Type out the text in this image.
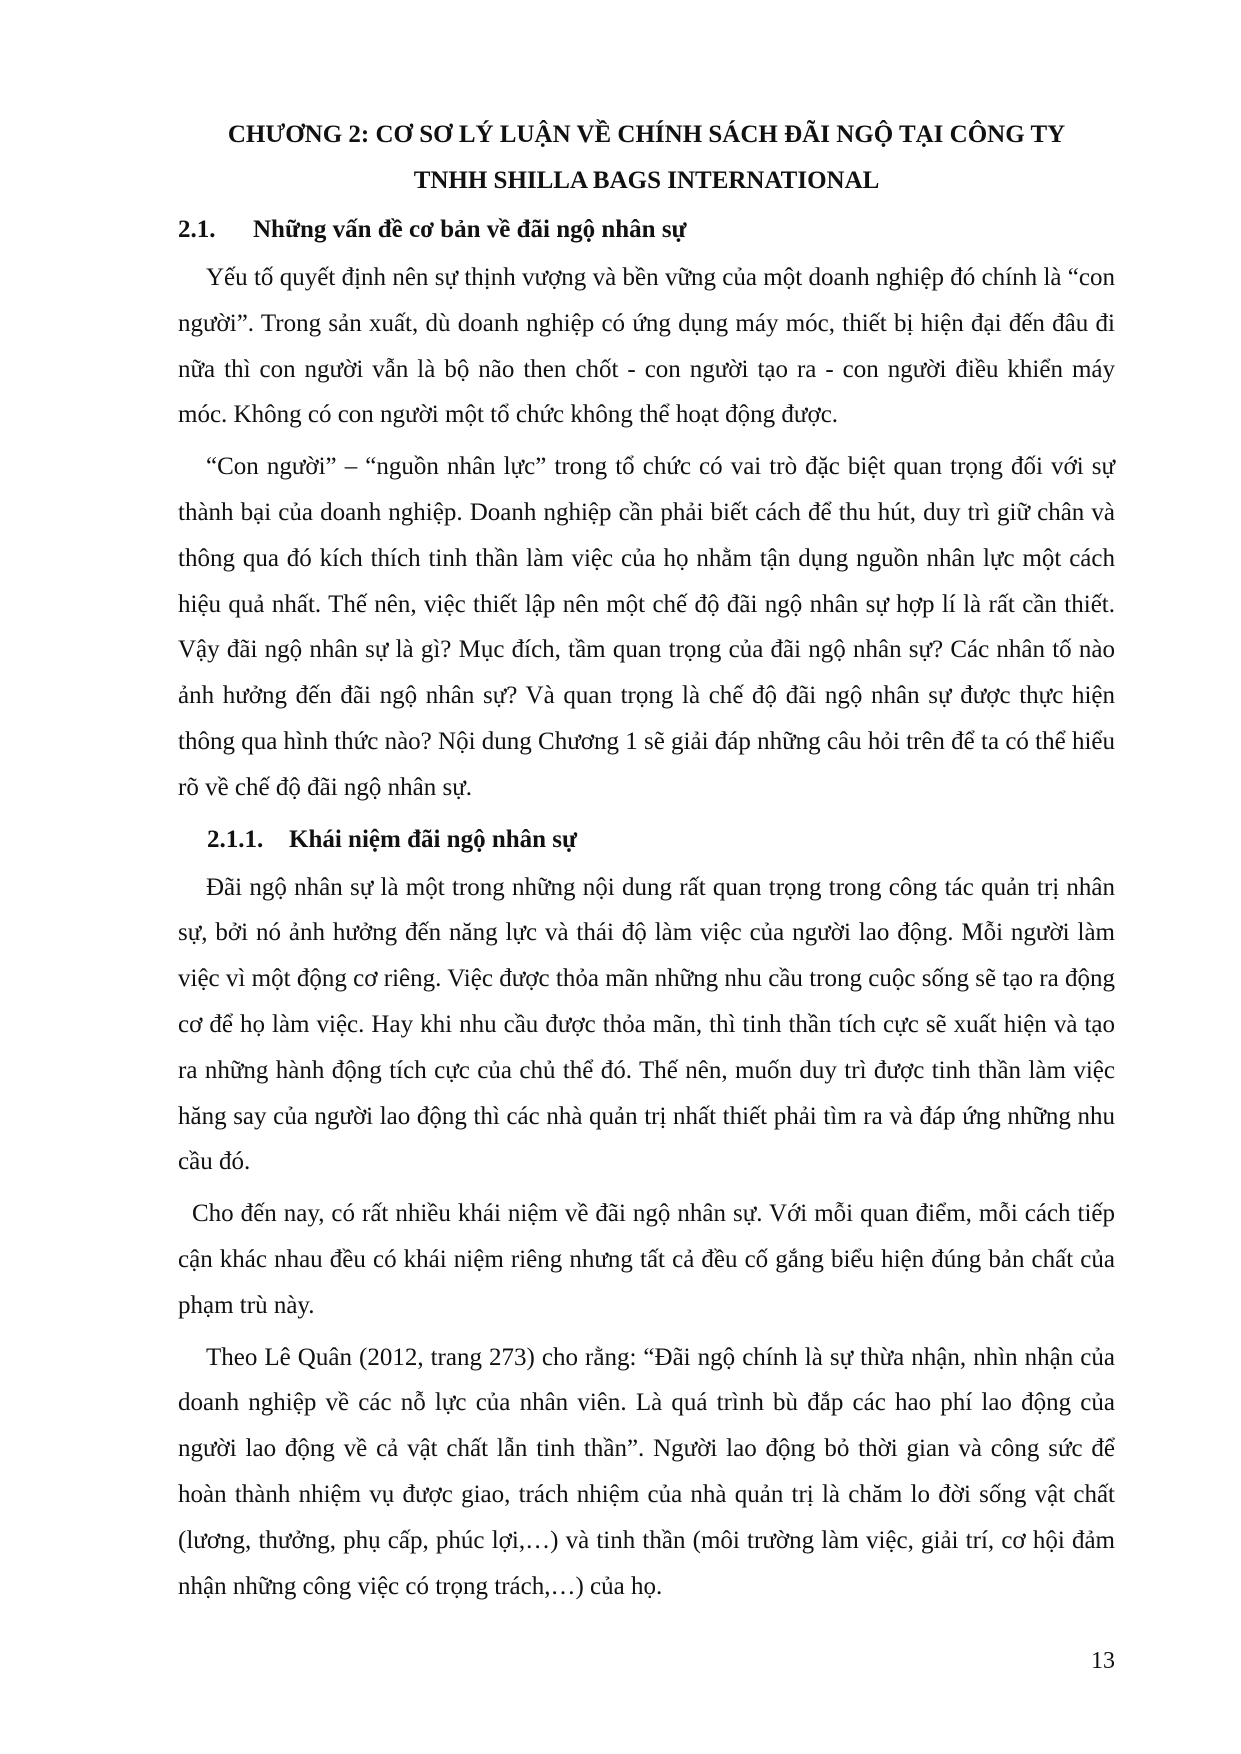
CHƯƠNG 2: CƠ SƠ LÝ LUẬN VỀ CHÍNH SÁCH ĐÃI NGỘ TẠI CÔNG TY
TNHH SHILLA BAGS INTERNATIONAL
2.1. Những vấn đề cơ bản về đãi ngộ nhân sự

Yếu tố quyết định nên sự thịnh vượng và bền vững của một doanh nghiệp đó chính là “con người”. Trong sản xuất, dù doanh nghiệp có ứng dụng máy móc, thiết bị hiện đại đến đâu đi nữa thì con người vẫn là bộ não then chốt - con người tạo ra - con người điều khiển máy móc. Không có con người một tổ chức không thể hoạt động được.

“Con người” – “nguồn nhân lực” trong tổ chức có vai trò đặc biệt quan trọng đối với sự thành bại của doanh nghiệp. Doanh nghiệp cần phải biết cách để thu hút, duy trì giữ chân và thông qua đó kích thích tinh thần làm việc của họ nhằm tận dụng nguồn nhân lực một cách hiệu quả nhất. Thế nên, việc thiết lập nên một chế độ đãi ngộ nhân sự hợp lí là rất cần thiết. Vậy đãi ngộ nhân sự là gì? Mục đích, tầm quan trọng của đãi ngộ nhân sự? Các nhân tố nào ảnh hưởng đến đãi ngộ nhân sự? Và quan trọng là chế độ đãi ngộ nhân sự được thực hiện thông qua hình thức nào? Nội dung Chương 1 sẽ giải đáp những câu hỏi trên để ta có thể hiểu rõ về chế độ đãi ngộ nhân sự.

2.1.1. Khái niệm đãi ngộ nhân sự

Đãi ngộ nhân sự là một trong những nội dung rất quan trọng trong công tác quản trị nhân sự, bởi nó ảnh hưởng đến năng lực và thái độ làm việc của người lao động. Mỗi người làm việc vì một động cơ riêng. Việc được thỏa mãn những nhu cầu trong cuộc sống sẽ tạo ra động cơ để họ làm việc. Hay khi nhu cầu được thỏa mãn, thì tinh thần tích cực sẽ xuất hiện và tạo ra những hành động tích cực của chủ thể đó. Thế nên, muốn duy trì được tinh thần làm việc hăng say của người lao động thì các nhà quản trị nhất thiết phải tìm ra và đáp ứng những nhu cầu đó.

Cho đến nay, có rất nhiều khái niệm về đãi ngộ nhân sự. Với mỗi quan điểm, mỗi cách tiếp cận khác nhau đều có khái niệm riêng nhưng tất cả đều cố gắng biểu hiện đúng bản chất của phạm trù này.

Theo Lê Quân (2012, trang 273) cho rằng: “Đãi ngộ chính là sự thừa nhận, nhìn nhận của doanh nghiệp về các nỗ lực của nhân viên. Là quá trình bù đắp các hao phí lao động của người lao động về cả vật chất lẫn tinh thần”. Người lao động bỏ thời gian và công sức để hoàn thành nhiệm vụ được giao, trách nhiệm của nhà quản trị là chăm lo đời sống vật chất (lương, thưởng, phụ cấp, phúc lợi,…) và tinh thần (môi trường làm việc, giải trí, cơ hội đảm nhận những công việc có trọng trách,…) của họ.

13
